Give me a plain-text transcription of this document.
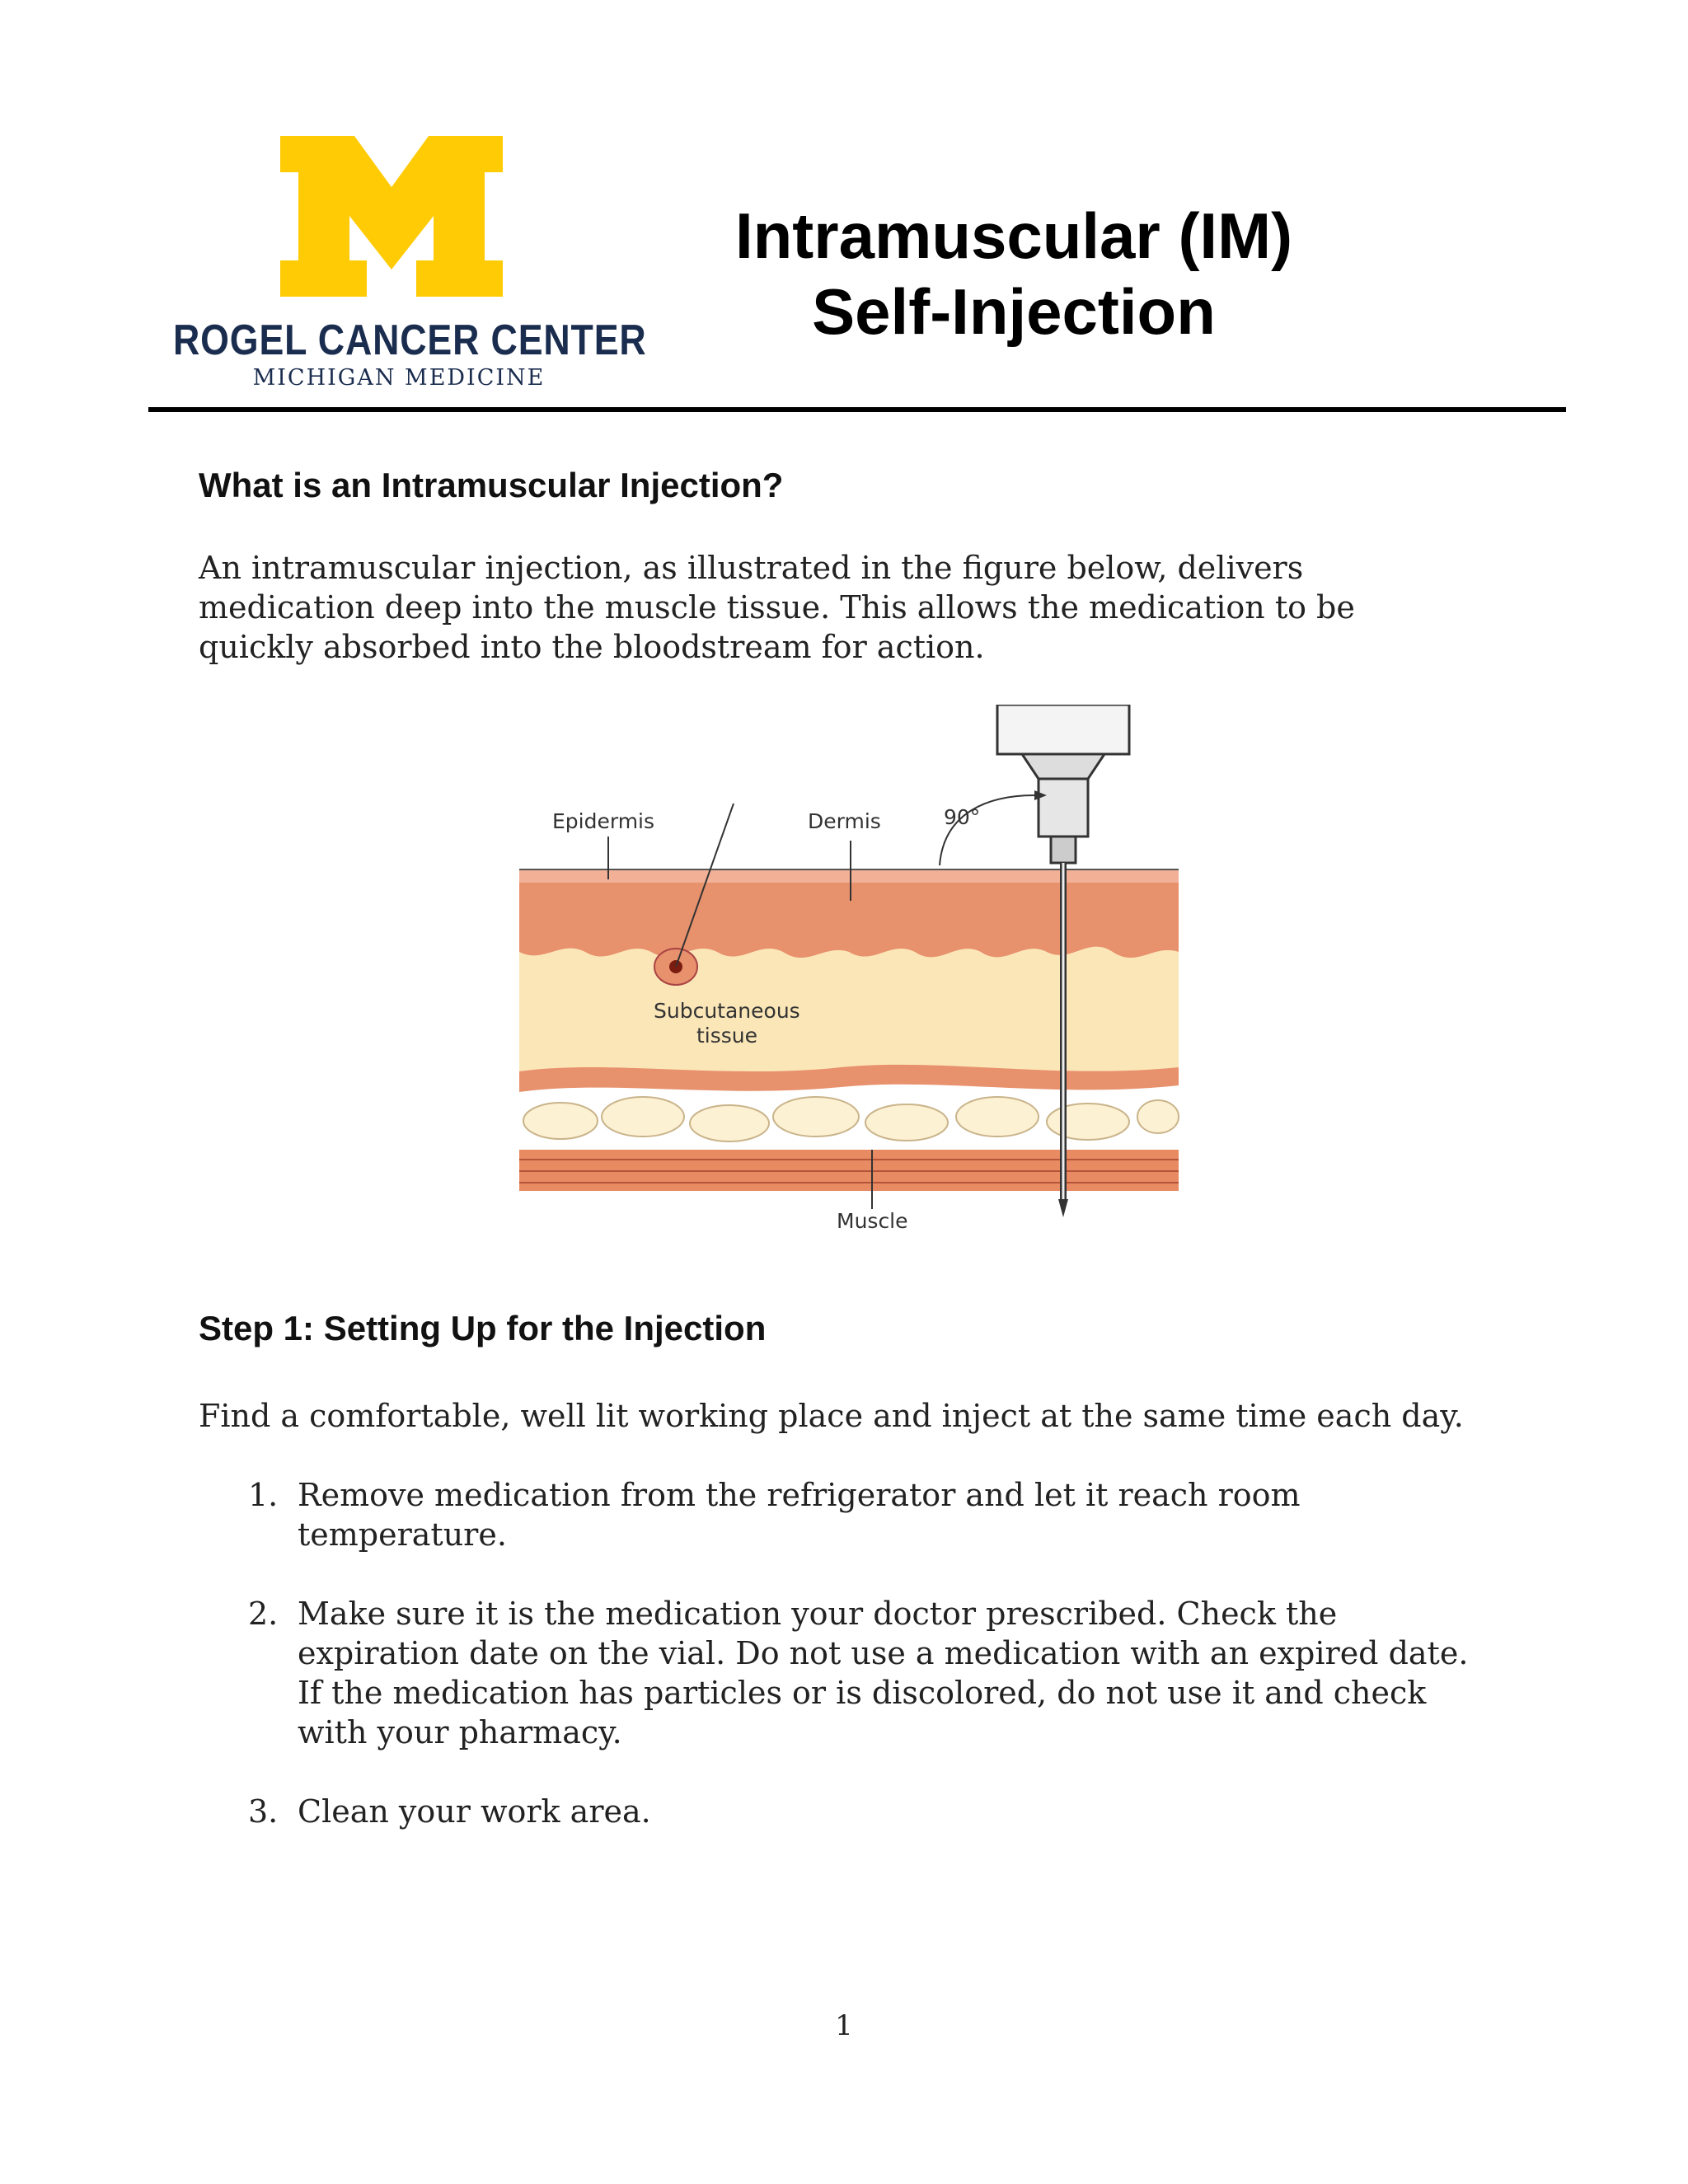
ROGEL CANCER CENTER
MICHIGAN MEDICINE
Intramuscular (IM)
Self-Injection
What is an Intramuscular Injection?

An intramuscular injection, as illustrated in the figure below, delivers medication deep into the muscle tissue. This allows the medication to be quickly absorbed into the bloodstream for action.

Epidermis	Dermis	90°
Subcutaneous
tissue
Muscle
Step 1: Setting Up for the Injection

Find a comfortable, well lit working place and inject at the same time each day.

1. Remove medication from the refrigerator and let it reach room temperature.
2. Make sure it is the medication your doctor prescribed. Check the expiration date on the vial. Do not use a medication with an expired date. If the medication has particles or is discolored, do not use it and check with your pharmacy.
3. Clean your work area.
1
